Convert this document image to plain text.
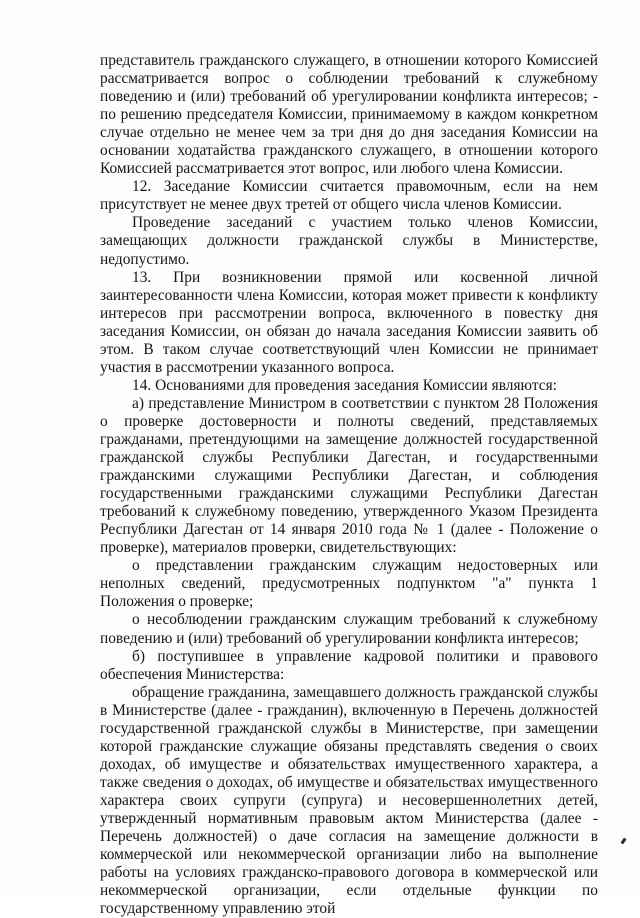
представитель гражданского служащего, в отношении которого Комиссией рассматривается вопрос о соблюдении требований к служебному поведению и (или) требований об урегулировании конфликта интересов; - по решению председателя Комиссии, принимаемому в каждом конкретном случае отдельно не менее чем за три дня до дня заседания Комиссии на основании ходатайства гражданского служащего, в отношении которого Комиссией рассматривается этот вопрос, или любого члена Комиссии.

12. Заседание Комиссии считается правомочным, если на нем присутствует не менее двух третей от общего числа членов Комиссии.

Проведение заседаний с участием только членов Комиссии, замещающих должности гражданской службы в Министерстве, недопустимо.

13. При возникновении прямой или косвенной личной заинтересованности члена Комиссии, которая может привести к конфликту интересов при рассмотрении вопроса, включенного в повестку дня заседания Комиссии, он обязан до начала заседания Комиссии заявить об этом. В таком случае соответствующий член Комиссии не принимает участия в рассмотрении указанного вопроса.

14. Основаниями для проведения заседания Комиссии являются:

а) представление Министром в соответствии с пунктом 28 Положения о проверке достоверности и полноты сведений, представляемых гражданами, претендующими на замещение должностей государственной гражданской службы Республики Дагестан, и государственными гражданскими служащими Республики Дагестан, и соблюдения государственными гражданскими служащими Республики Дагестан требований к служебному поведению, утвержденного Указом Президента Республики Дагестан от 14 января 2010 года № 1 (далее - Положение о проверке), материалов проверки, свидетельствующих:

о представлении гражданским служащим недостоверных или неполных сведений, предусмотренных подпунктом "а" пункта 1 Положения о проверке;

о несоблюдении гражданским служащим требований к служебному поведению и (или) требований об урегулировании конфликта интересов;

б) поступившее в управление кадровой политики и правового обеспечения Министерства:

обращение гражданина, замещавшего должность гражданской службы в Министерстве (далее - гражданин), включенную в Перечень должностей государственной гражданской службы в Министерстве, при замещении которой гражданские служащие обязаны представлять сведения о своих доходах, об имуществе и обязательствах имущественного характера, а также сведения о доходах, об имуществе и обязательствах имущественного характера своих супруги (супруга) и несовершеннолетних детей, утвержденный нормативным правовым актом Министерства (далее - Перечень должностей) о даче согласия на замещение должности в коммерческой или некоммерческой организации либо на выполнение работы на условиях гражданско-правового договора в коммерческой или некоммерческой организации, если отдельные функции по государственному управлению этой
